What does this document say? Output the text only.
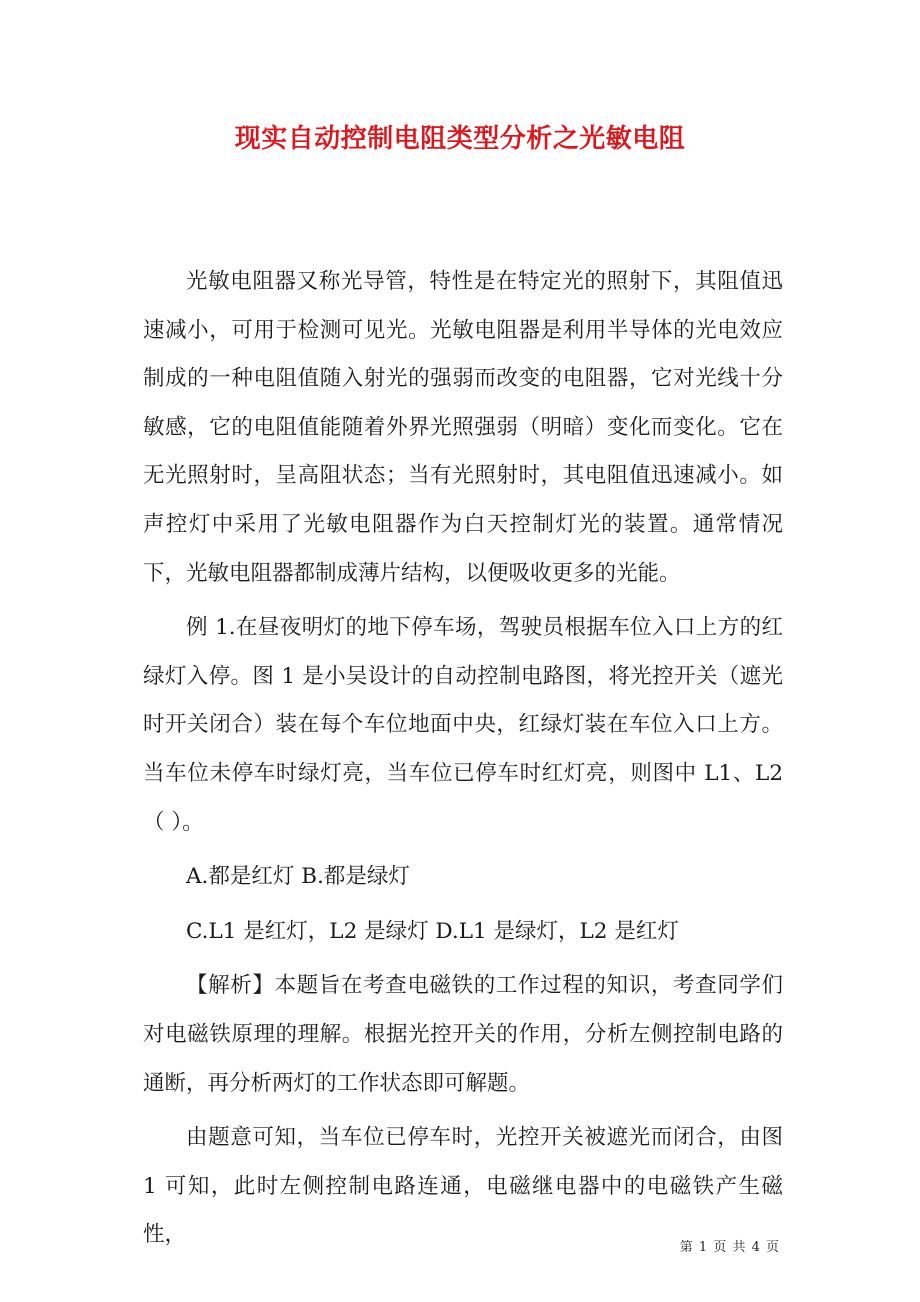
现实自动控制电阻类型分析之光敏电阻

光敏电阻器又称光导管，特性是在特定光的照射下，其阻值迅速减小，可用于检测可见光。光敏电阻器是利用半导体的光电效应制成的一种电阻值随入射光的强弱而改变的电阻器，它对光线十分敏感，它的电阻值能随着外界光照强弱（明暗）变化而变化。它在无光照射时，呈高阻状态；当有光照射时，其电阻值迅速减小。如声控灯中采用了光敏电阻器作为白天控制灯光的装置。通常情况下，光敏电阻器都制成薄片结构，以便吸收更多的光能。

例 1.在昼夜明灯的地下停车场，驾驶员根据车位入口上方的红绿灯入停。图 1 是小吴设计的自动控制电路图，将光控开关（遮光时开关闭合）装在每个车位地面中央，红绿灯装在车位入口上方。当车位未停车时绿灯亮，当车位已停车时红灯亮，则图中 L1、L2（ ）。

A.都是红灯 B.都是绿灯

C.L1 是红灯，L2 是绿灯 D.L1 是绿灯，L2 是红灯

【解析】本题旨在考查电磁铁的工作过程的知识，考查同学们对电磁铁原理的理解。根据光控开关的作用，分析左侧控制电路的通断，再分析两灯的工作状态即可解题。

由题意可知，当车位已停车时，光控开关被遮光而闭合，由图 1 可知，此时左侧控制电路连通，电磁继电器中的电磁铁产生磁性，

第 1 页 共 4 页
